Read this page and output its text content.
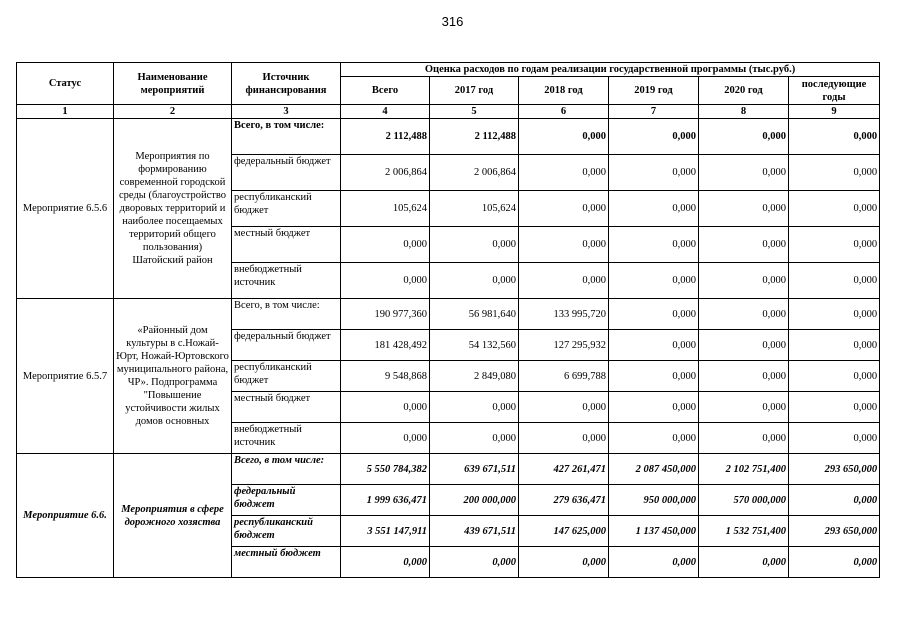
316
Статус	Наименование мероприятий	Источник финансирования	Оценка расходов по годам реализации государственной программы (тыс.руб.)					
			Всего	2017 год	2018 год	2019 год	2020 год	последующие годы
1	2	3	4	5	6	7	8	9
Мероприятие 6.5.6	Мероприятия по формированию современной городской среды (благоустройство дворовых территорий и наиболее посещаемых территорий общего пользования) Шатойский район	Всего, в том числе:	2 112,488	2 112,488	0,000	0,000	0,000	0,000
		федеральный бюджет	2 006,864	2 006,864	0,000	0,000	0,000	0,000
		республиканский бюджет	105,624	105,624	0,000	0,000	0,000	0,000
		местный бюджет	0,000	0,000	0,000	0,000	0,000	0,000
		внебюджетный источник	0,000	0,000	0,000	0,000	0,000	0,000
Мероприятие 6.5.7	«Районный дом культуры в с.Ножай-Юрт, Ножай-Юртовского муниципального района, ЧР». Подпрограмма "Повышение устойчивости жилых домов основных	Всего, в том числе:	190 977,360	56 981,640	133 995,720	0,000	0,000	0,000
		федеральный бюджет	181 428,492	54 132,560	127 295,932	0,000	0,000	0,000
		республиканский бюджет	9 548,868	2 849,080	6 699,788	0,000	0,000	0,000
		местный бюджет	0,000	0,000	0,000	0,000	0,000	0,000
		внебюджетный источник	0,000	0,000	0,000	0,000	0,000	0,000
Мероприятие 6.6.	Мероприятия в сфере дорожного хозяства	Всего, в том числе:	5 550 784,382	639 671,511	427 261,471	2 087 450,000	2 102 751,400	293 650,000
		федеральный бюджет	1 999 636,471	200 000,000	279 636,471	950 000,000	570 000,000	0,000
		республиканский бюджет	3 551 147,911	439 671,511	147 625,000	1 137 450,000	1 532 751,400	293 650,000
		местный бюджет	0,000	0,000	0,000	0,000	0,000	0,000
